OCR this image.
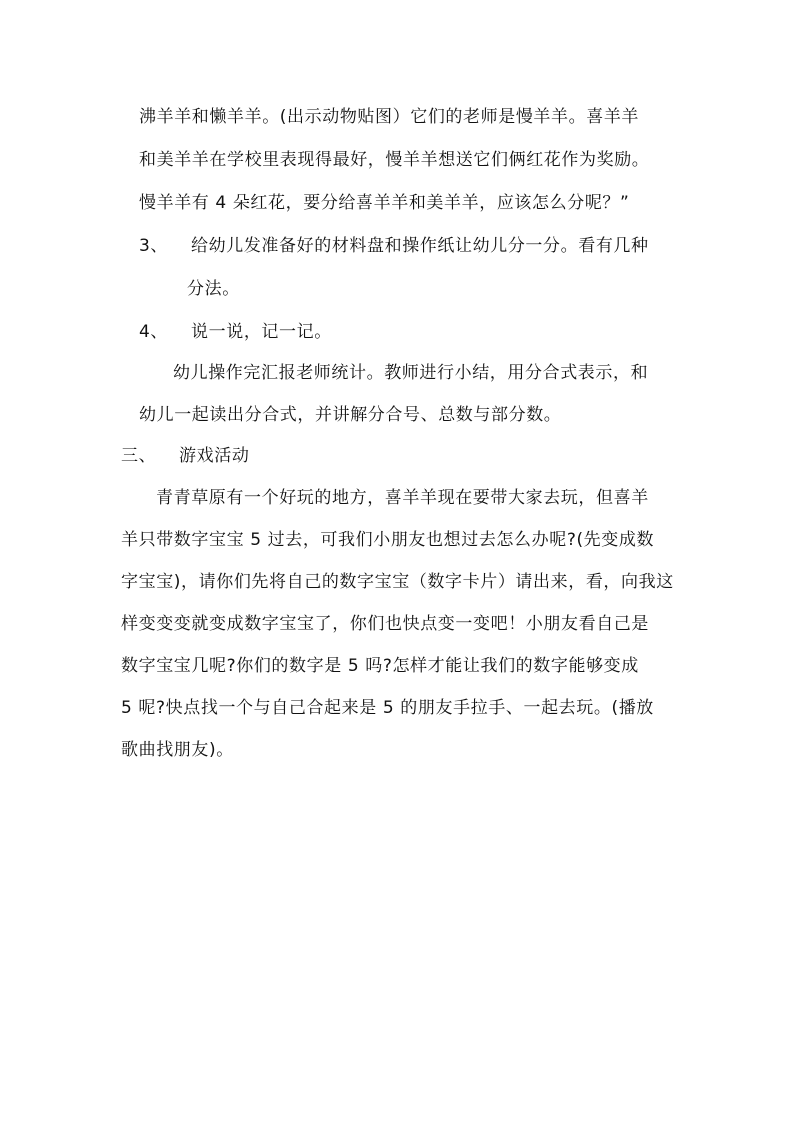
沸羊羊和懒羊羊。(出示动物贴图）它们的老师是慢羊羊。喜羊羊
和美羊羊在学校里表现得最好，慢羊羊想送它们俩红花作为奖励。
慢羊羊有 4 朵红花，要分给喜羊羊和美羊羊，应该怎么分呢？”
3、 给幼儿发准备好的材料盘和操作纸让幼儿分一分。看有几种
分法。
4、 说一说，记一记。
幼儿操作完汇报老师统计。教师进行小结，用分合式表示，和
幼儿一起读出分合式，并讲解分合号、总数与部分数。
三、 游戏活动
青青草原有一个好玩的地方，喜羊羊现在要带大家去玩，但喜羊
羊只带数字宝宝 5 过去，可我们小朋友也想过去怎么办呢?(先变成数
字宝宝)，请你们先将自己的数字宝宝（数字卡片）请出来，看，向我这
样变变变就变成数字宝宝了，你们也快点变一变吧！小朋友看自己是
数字宝宝几呢?你们的数字是 5 吗?怎样才能让我们的数字能够变成
5 呢?快点找一个与自己合起来是 5 的朋友手拉手、一起去玩。(播放
歌曲找朋友)。
